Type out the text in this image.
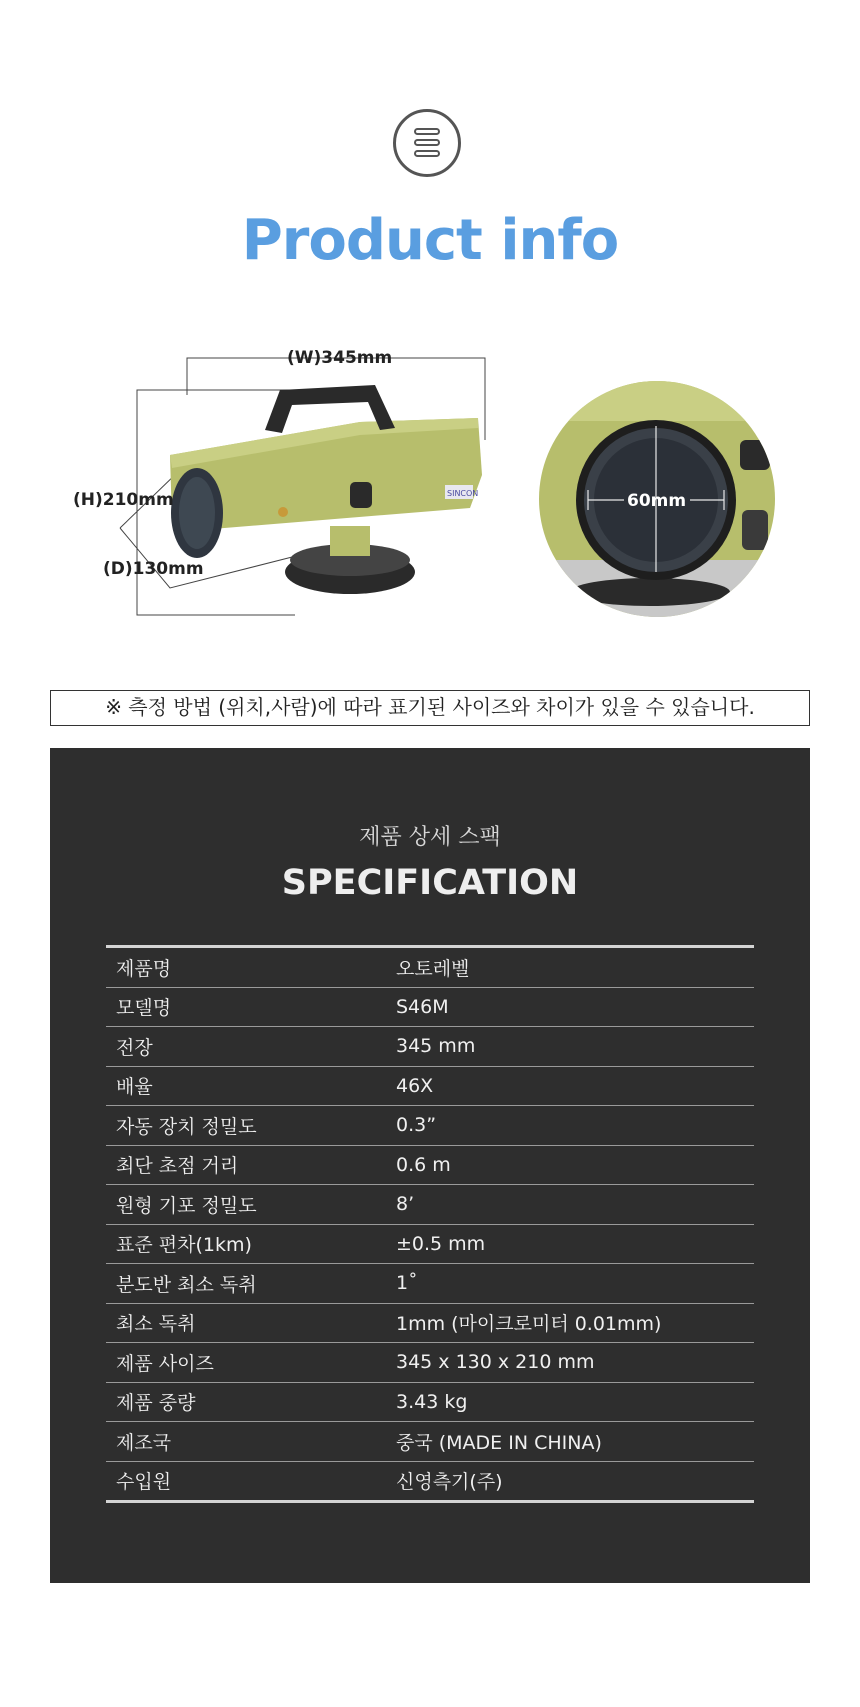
Product info
SINCON
(W)345mm
(H)210mm
(D)130mm
60mm
※ 측정 방법 (위치,사람)에 따라 표기된 사이즈와 차이가 있을 수 있습니다.
제품 상세 스팩
SPECIFICATION
제품명	오토레벨
모델명	S46M
전장	345 mm
배율	46X
자동 장치 정밀도	0.3”
최단 초점 거리	0.6 m
원형 기포 정밀도	8’
표준 편차(1km)	±0.5 mm
분도반 최소 독취	1˚
최소 독취	1mm (마이크로미터 0.01mm)
제품 사이즈	345 x 130 x 210 mm
제품 중량	3.43 kg
제조국	중국 (MADE IN CHINA)
수입원	신영측기(주)
